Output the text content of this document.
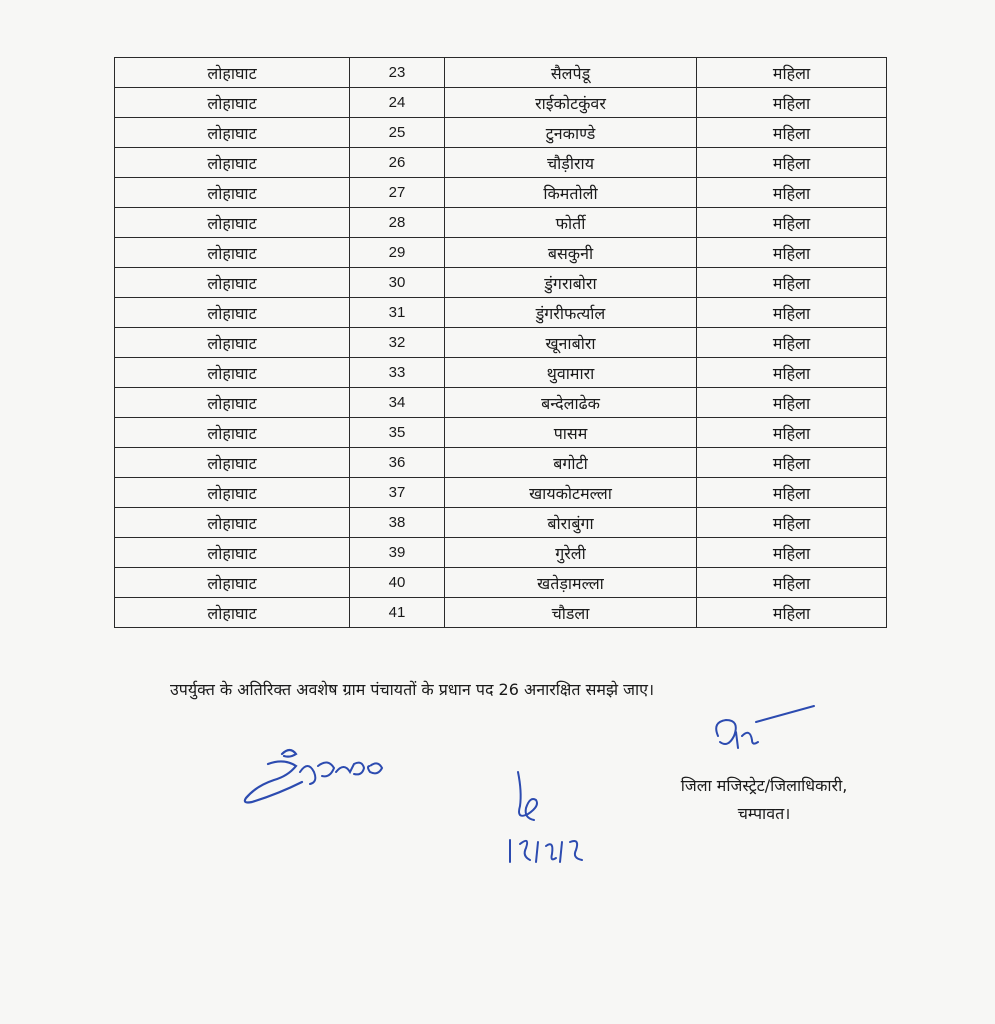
लोहाघाट	23	सैलपेडू	महिला
लोहाघाट	24	राईकोटकुंवर	महिला
लोहाघाट	25	टुनकाण्डे	महिला
लोहाघाट	26	चौड़ीराय	महिला
लोहाघाट	27	किमतोली	महिला
लोहाघाट	28	फोर्ती	महिला
लोहाघाट	29	बसकुनी	महिला
लोहाघाट	30	डुंगराबोरा	महिला
लोहाघाट	31	डुंगरीफर्त्याल	महिला
लोहाघाट	32	खूनाबोरा	महिला
लोहाघाट	33	थुवामारा	महिला
लोहाघाट	34	बन्देलाढेक	महिला
लोहाघाट	35	पासम	महिला
लोहाघाट	36	बगोटी	महिला
लोहाघाट	37	खायकोटमल्ला	महिला
लोहाघाट	38	बोराबुंगा	महिला
लोहाघाट	39	गुरेली	महिला
लोहाघाट	40	खतेड़ामल्ला	महिला
लोहाघाट	41	चौडला	महिला
उपर्युक्त के अतिरिक्त अवशेष ग्राम पंचायतों के प्रधान पद 26 अनारक्षित समझे जाए।
जिला मजिस्ट्रेट/जिलाधिकारी,
चम्पावत।
